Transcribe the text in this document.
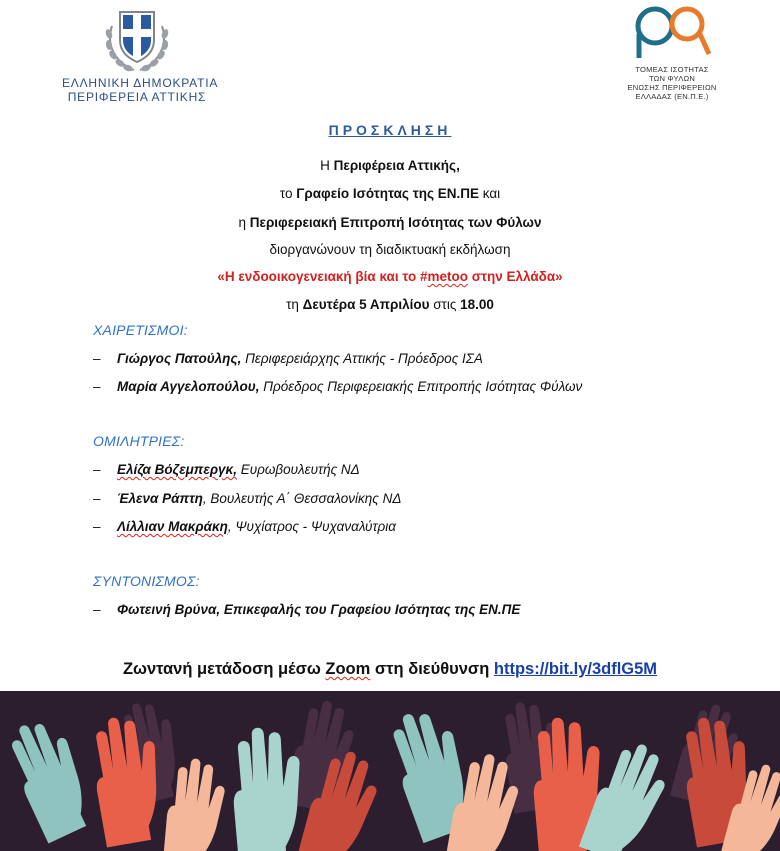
ΕΛΛΗΝΙΚΗ ΔΗΜΟΚΡΑΤΙΑ
ΠΕΡΙΦΕΡΕΙΑ ΑΤΤΙΚΗΣ
ΤΟΜΕΑΣ ΙΣΟΤΗΤΑΣ
ΤΩΝ ΦΥΛΩΝ
ΕΝΩΣΗΣ ΠΕΡΙΦΕΡΕΙΩΝ
ΕΛΛΑΔΑΣ (ΕΝ.Π.Ε.)
ΠΡΟΣΚΛΗΣΗ
Η Περιφέρεια Αττικής,
το Γραφείο Ισότητας της ΕΝ.ΠΕ και
η Περιφερειακή Επιτροπή Ισότητας των Φύλων
διοργανώνουν τη διαδικτυακή εκδήλωση
«Η ενδοοικογενειακή βία και το #metoo στην Ελλάδα»
τη Δευτέρα 5 Απριλίου στις 18.00
ΧΑΙΡΕΤΙΣΜΟΙ:
– Γιώργος Πατούλης, Περιφερειάρχης Αττικής - Πρόεδρος ΙΣΑ
– Μαρία Αγγελοπούλου, Πρόεδρος Περιφερειακής Επιτροπής Ισότητας Φύλων
ΟΜΙΛΗΤΡΙΕΣ:
– Ελίζα Βόζεμπεργκ, Ευρωβουλευτής ΝΔ
– Έλενα Ράπτη, Βουλευτής Α΄ Θεσσαλονίκης ΝΔ
– Λίλλιαν Μακράκη, Ψυχίατρος - Ψυχαναλύτρια
ΣΥΝΤΟΝΙΣΜΟΣ:
– Φωτεινή Βρύνα, Επικεφαλής του Γραφείου Ισότητας της ΕΝ.ΠΕ
Ζωντανή μετάδοση μέσω Zoom στη διεύθυνση https://bit.ly/3dflG5M
